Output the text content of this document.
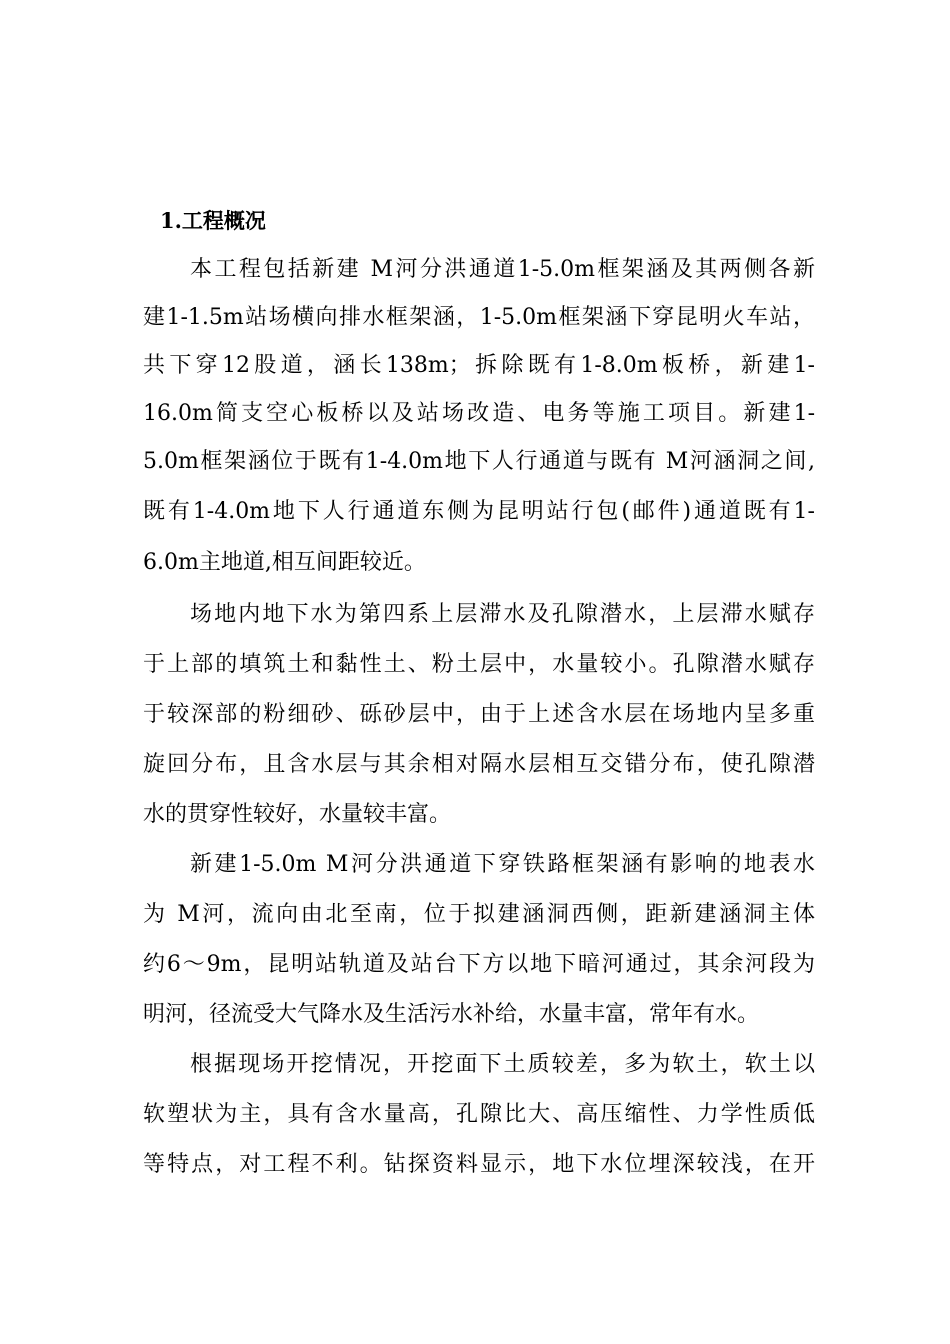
1.工程概况
本工程包括新建 M河分洪通道1-5.0m框架涵及其两侧各新
建1-1.5m站场横向排水框架涵，1-5.0m框架涵下穿昆明火车站，
共下穿12股道，涵长138m；拆除既有1-8.0m板桥，新建1-
16.0m简支空心板桥以及站场改造、电务等施工项目。新建1-
5.0m框架涵位于既有1-4.0m地下人行通道与既有 M河涵洞之间,
既有1-4.0m地下人行通道东侧为昆明站行包(邮件)通道既有1-
6.0m主地道,相互间距较近。
场地内地下水为第四系上层滞水及孔隙潜水，上层滞水赋存
于上部的填筑土和黏性土、粉土层中，水量较小。孔隙潜水赋存
于较深部的粉细砂、砾砂层中，由于上述含水层在场地内呈多重
旋回分布，且含水层与其余相对隔水层相互交错分布，使孔隙潜
水的贯穿性较好，水量较丰富。
新建1-5.0m M河分洪通道下穿铁路框架涵有影响的地表水
为 M河，流向由北至南，位于拟建涵洞西侧，距新建涵洞主体
约6～9m，昆明站轨道及站台下方以地下暗河通过，其余河段为
明河，径流受大气降水及生活污水补给，水量丰富，常年有水。
根据现场开挖情况，开挖面下土质较差，多为软土，软土以
软塑状为主，具有含水量高，孔隙比大、高压缩性、力学性质低
等特点，对工程不利。钻探资料显示，地下水位埋深较浅，在开
